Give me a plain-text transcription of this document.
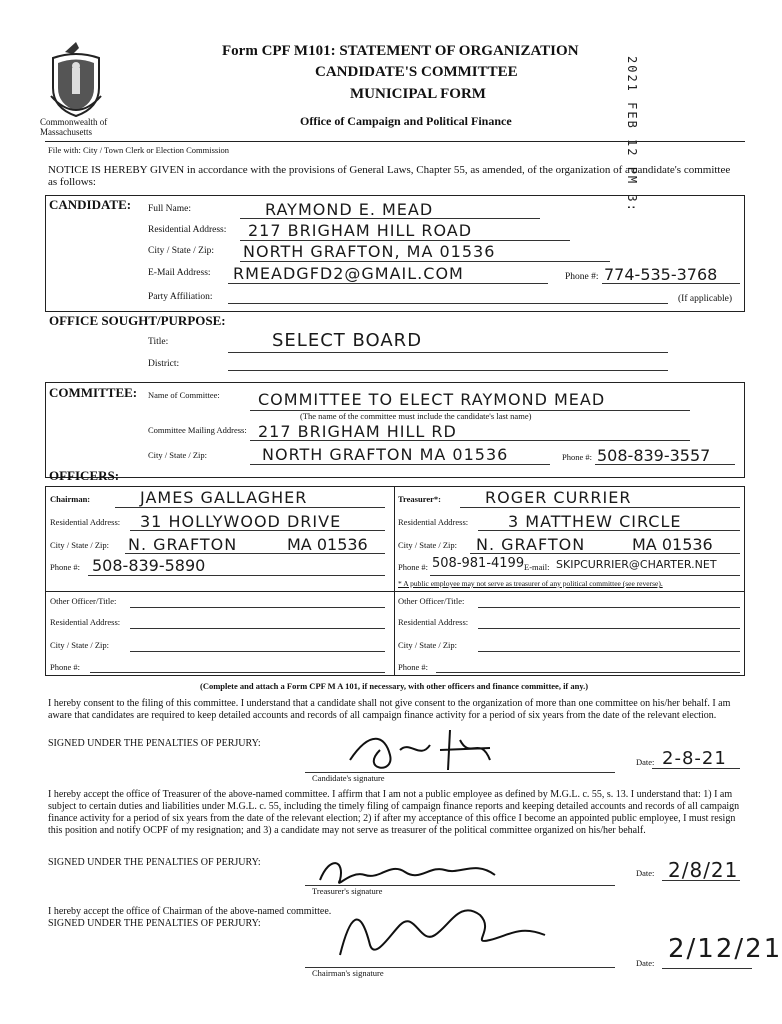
Commonwealth of Massachusetts
Form CPF M101: STATEMENT OF ORGANIZATION
CANDIDATE'S COMMITTEE
MUNICIPAL FORM
Office of Campaign and Political Finance	2021 FEB 12 PM 3:
File with: City / Town Clerk or Election Commission
NOTICE IS HEREBY GIVEN in accordance with the provisions of General Laws, Chapter 55, as amended, of the organization of a candidate's committee as follows:
CANDIDATE: Full Name:	RAYMOND E. MEAD
Residential Address: 217 BRIGHAM HILL ROAD
City / State / Zip: NORTH GRAFTON, MA 01536
E-Mail Address: RMEADGFD2@GMAIL.COM	Phone #: 774-535-3768
Party Affiliation:	(If applicable)
OFFICE SOUGHT/PURPOSE:
Title:	SELECT BOARD
District:
COMMITTEE: Name of Committee: COMMITTEE TO ELECT RAYMOND MEAD
(The name of the committee must include the candidate's last name)
Committee Mailing Address: 217 BRIGHAM HILL RD
City / State / Zip:	NORTH GRAFTON MA 01536	Phone #: 508-839-3557
OFFICERS:
Chairman:	JAMES GALLAGHER
Residential Address: 31 HOLLYWOOD DRIVE
City / State / Zip: N. GRAFTON	MA 01536
Phone #: 508-839-5890
Treasurer*:	ROGER CURRIER
Residential Address: 3 MATTHEW CIRCLE
City / State / Zip: N. GRAFTON	MA 01536
Phone #: 508-981-4199 E-mail: SKIPCURRIER@CHARTER.NET
* A public employee may not serve as treasurer of any political committee (see reverse).
Other Officer/Title:
Residential Address:
City / State / Zip:
Phone #:
Other Officer/Title:
Residential Address:
City / State / Zip:
Phone #:
(Complete and attach a Form CPF M A 101, if necessary, with other officers and finance committee, if any.)
I hereby consent to the filing of this committee. I understand that a candidate shall not give consent to the organization of more than one committee on his/her behalf. I am aware that candidates are required to keep detailed accounts and records of all campaign finance activity for a period of six years from the date of the relevant election.
SIGNED UNDER THE PENALTIES OF PERJURY:
Candidate's signature
Date: 2-8-21
I hereby accept the office of Treasurer of the above-named committee. I affirm that I am not a public employee as defined by M.G.L. c. 55, s. 13. I understand that: 1) I am subject to certain duties and liabilities under M.G.L. c. 55, including the timely filing of campaign finance reports and keeping detailed accounts and records of all campaign finance activity for a period of six years from the date of the relevant election; 2) if after my acceptance of this office I become an appointed public employee, I must resign this position and notify OCPF of my resignation; and 3) a candidate may not serve as treasurer of the political committee organized on his/her behalf.
SIGNED UNDER THE PENALTIES OF PERJURY:
Treasurer's signature
Date: 2/8/21
I hereby accept the office of Chairman of the above-named committee.
SIGNED UNDER THE PENALTIES OF PERJURY:
Chairman's signature
Date: 2/12/21
